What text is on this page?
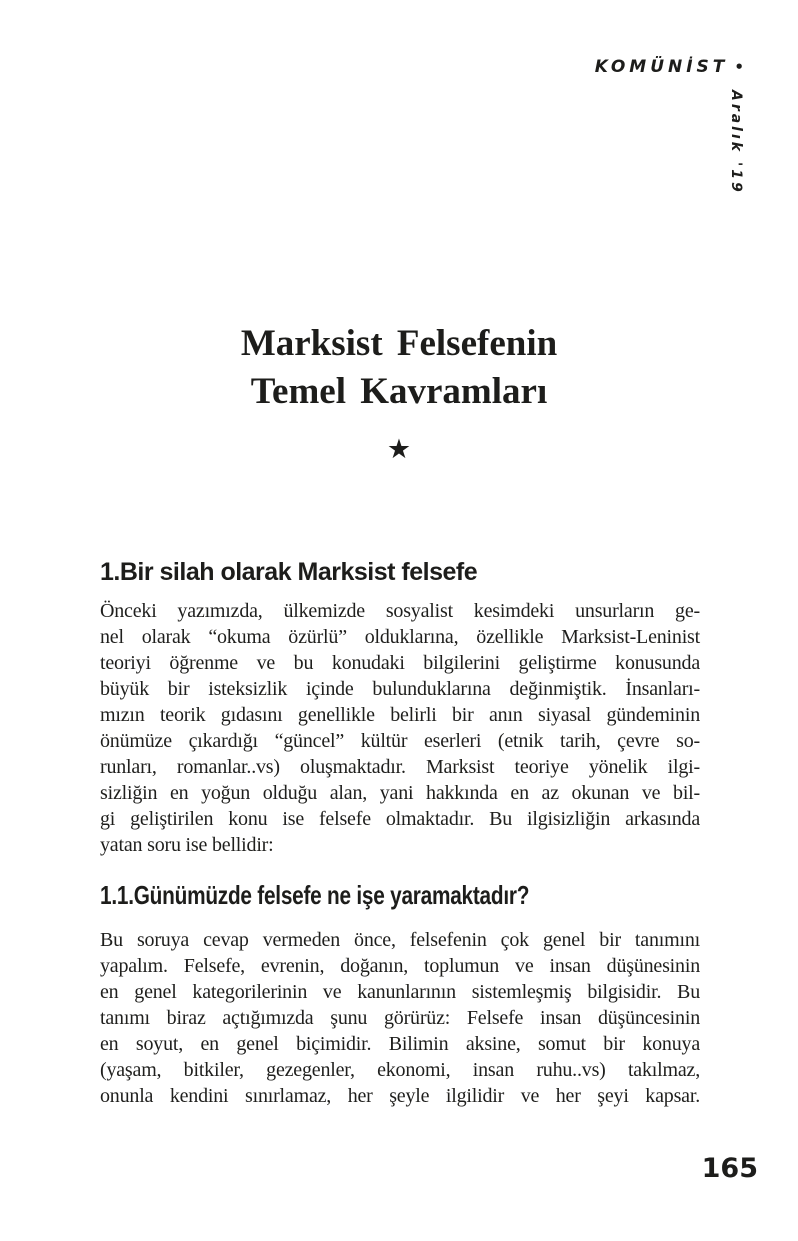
KOMÜNİST •
Aralık '19
Marksist Felsefenin
Temel Kavramları
★
1.Bir silah olarak Marksist felsefe
Önceki yazımızda, ülkemizde sosyalist kesimdeki unsurların ge-
nel olarak “okuma özürlü” olduklarına, özellikle Marksist-Leninist
teoriyi öğrenme ve bu konudaki bilgilerini geliştirme konusunda
büyük bir isteksizlik içinde bulunduklarına değinmiştik. İnsanları-
mızın teorik gıdasını genellikle belirli bir anın siyasal gündeminin
önümüze çıkardığı “güncel” kültür eserleri (etnik tarih, çevre so-
runları, romanlar..vs) oluşmaktadır. Marksist teoriye yönelik ilgi-
sizliğin en yoğun olduğu alan, yani hakkında en az okunan ve bil-
gi geliştirilen konu ise felsefe olmaktadır. Bu ilgisizliğin arkasında
yatan soru ise bellidir:
1.1.Günümüzde felsefe ne işe yaramaktadır?
Bu soruya cevap vermeden önce, felsefenin çok genel bir tanımını
yapalım. Felsefe, evrenin, doğanın, toplumun ve insan düşünesinin
en genel kategorilerinin ve kanunlarının sistemleşmiş bilgisidir. Bu
tanımı biraz açtığımızda şunu görürüz: Felsefe insan düşüncesinin
en soyut, en genel biçimidir. Bilimin aksine, somut bir konuya
(yaşam, bitkiler, gezegenler, ekonomi, insan ruhu..vs) takılmaz,
onunla kendini sınırlamaz, her şeyle ilgilidir ve her şeyi kapsar.
165
